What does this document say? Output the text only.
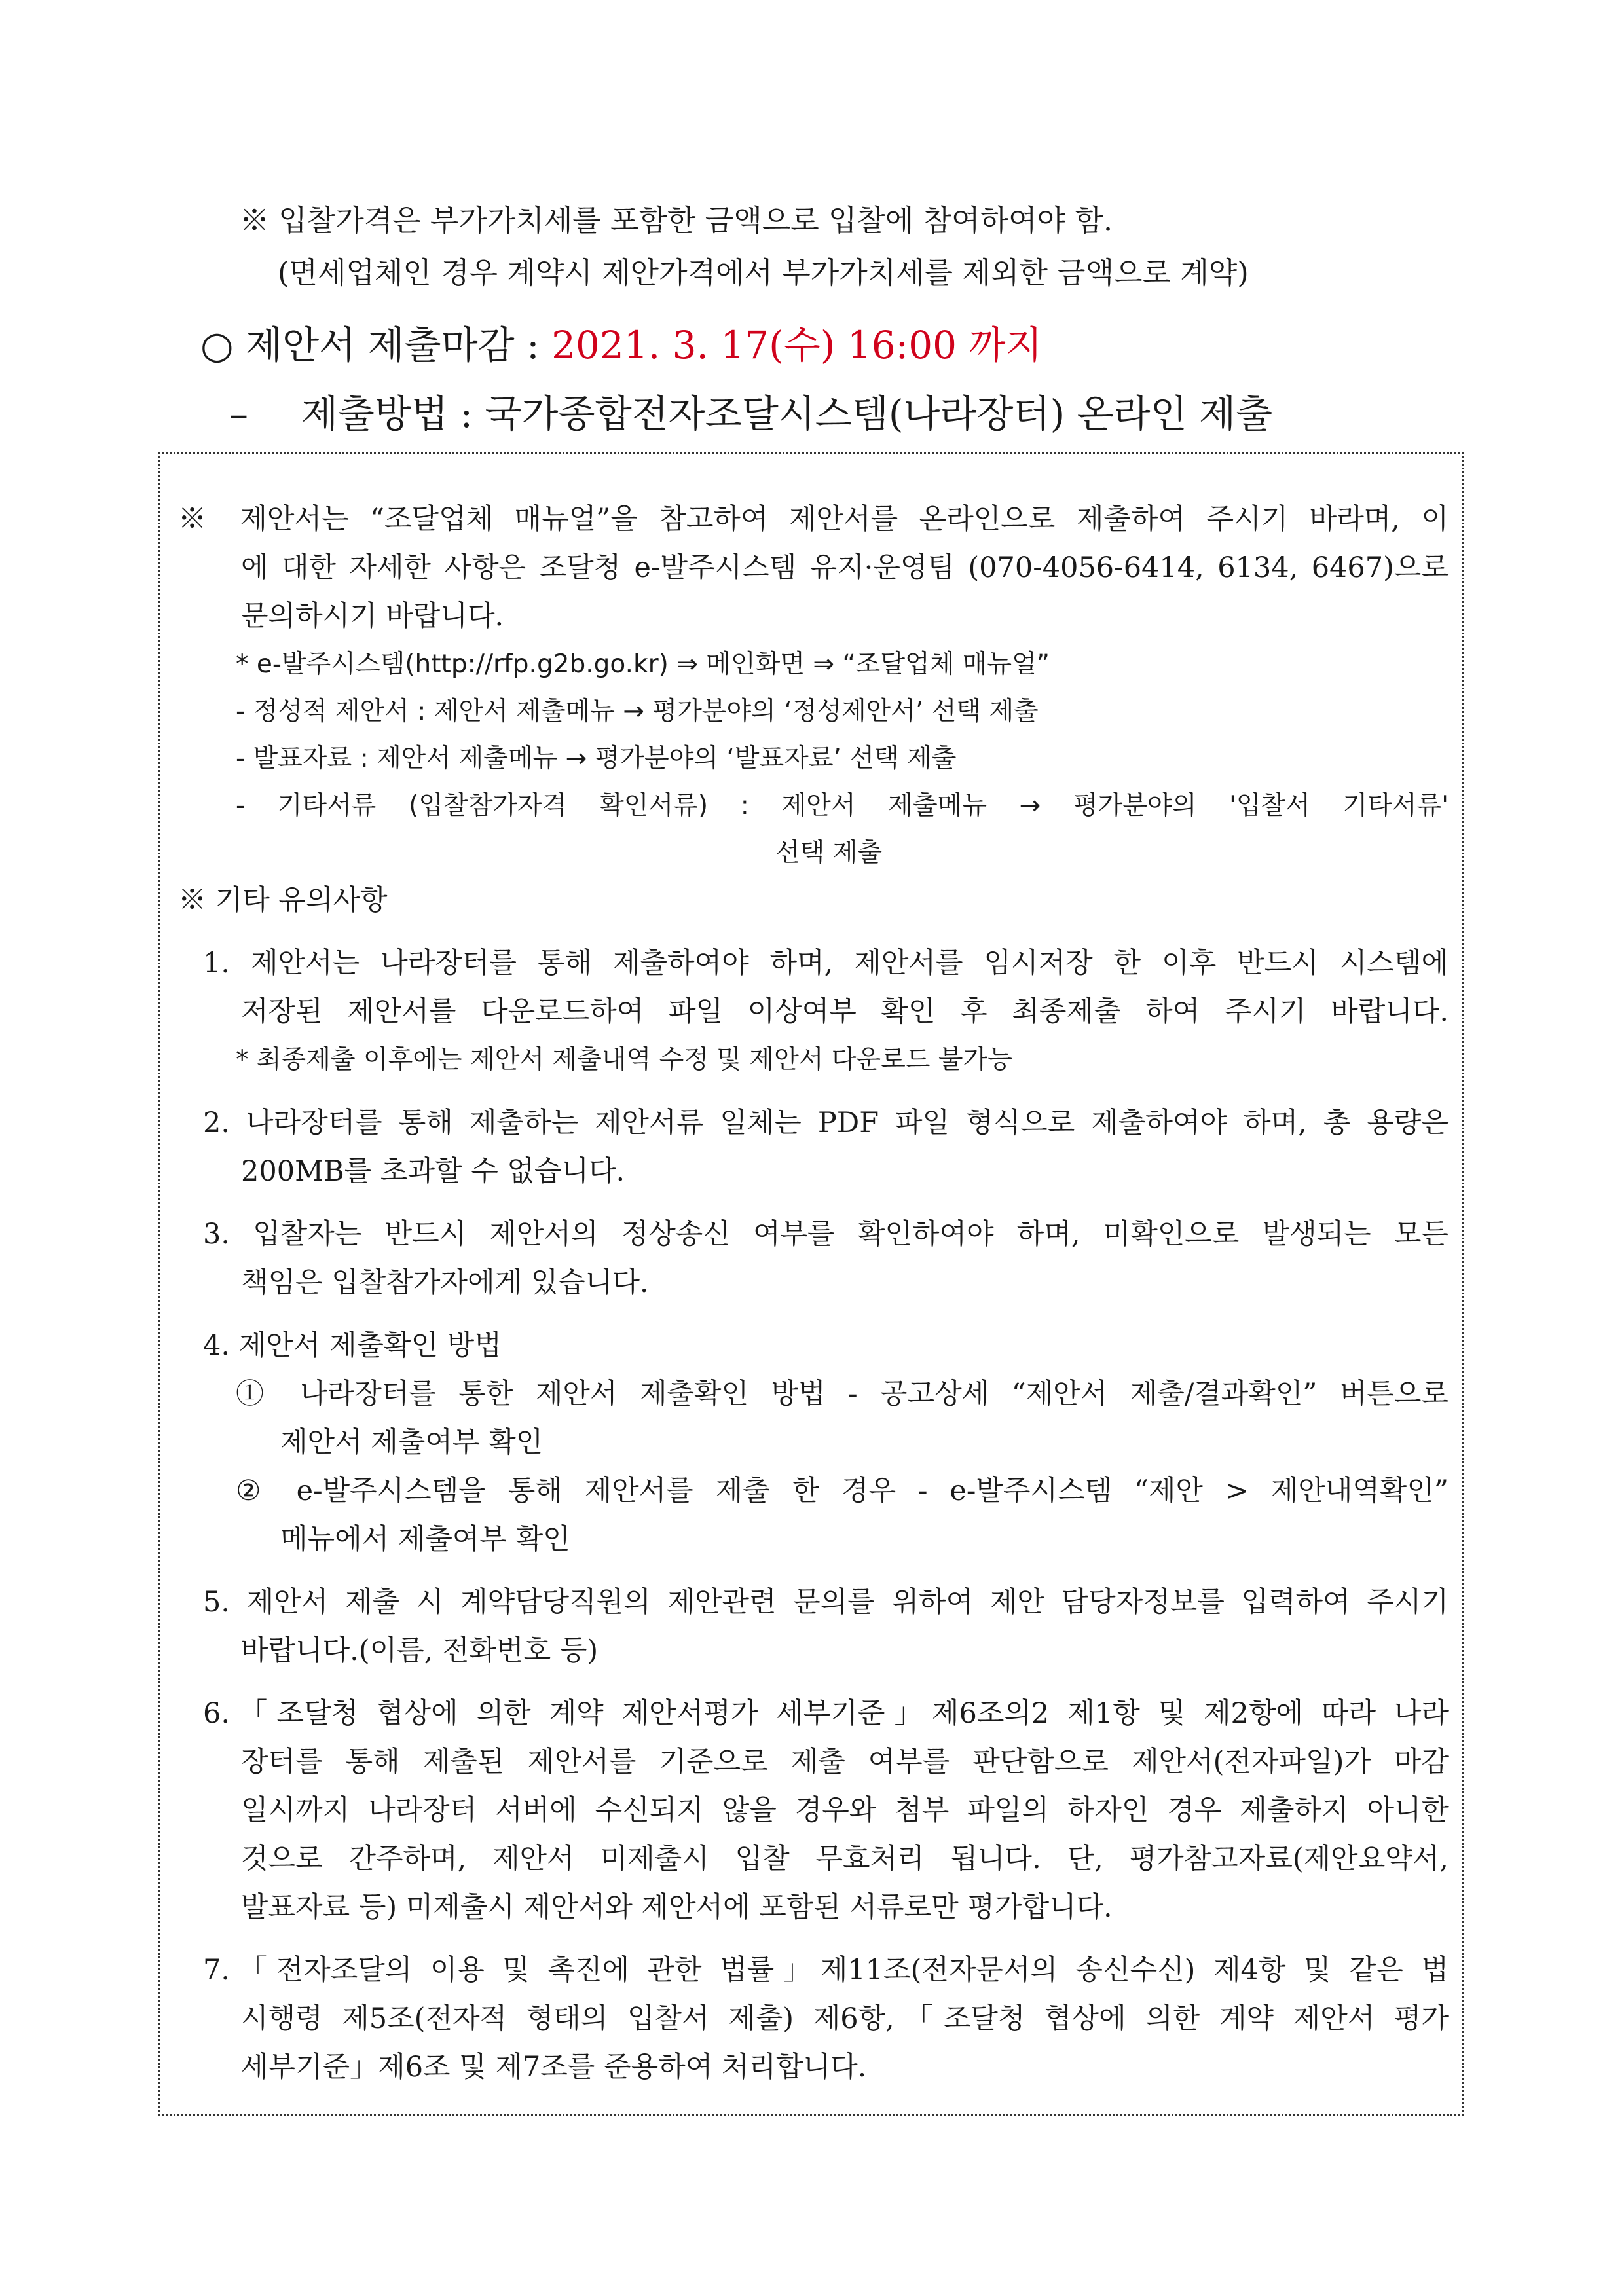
※ 입찰가격은 부가가치세를 포함한 금액으로 입찰에 참여하여야 함.
(면세업체인 경우 계약시 제안가격에서 부가가치세를 제외한 금액으로 계약)
○ 제안서 제출마감 : 2021. 3. 17(수) 16:00 까지
– 제출방법 : 국가종합전자조달시스템(나라장터) 온라인 제출
※ 제안서는 “조달업체 매뉴얼”을 참고하여 제안서를 온라인으로 제출하여 주시기 바라며, 이
에 대한 자세한 사항은 조달청 e-발주시스템 유지·운영팀 (070-4056-6414, 6134, 6467)으로
문의하시기 바랍니다.
* e-발주시스템(http://rfp.g2b.go.kr) ⇒ 메인화면 ⇒ “조달업체 매뉴얼”
- 정성적 제안서 : 제안서 제출메뉴 → 평가분야의 ‘정성제안서’ 선택 제출
- 발표자료 : 제안서 제출메뉴 → 평가분야의 ‘발표자료’ 선택 제출
- 기타서류 (입찰참가자격 확인서류) : 제안서 제출메뉴 → 평가분야의 '입찰서 기타서류'
선택 제출
※ 기타 유의사항
1. 제안서는 나라장터를 통해 제출하여야 하며, 제안서를 임시저장 한 이후 반드시 시스템에
저장된 제안서를 다운로드하여 파일 이상여부 확인 후 최종제출 하여 주시기 바랍니다.
* 최종제출 이후에는 제안서 제출내역 수정 및 제안서 다운로드 불가능
2. 나라장터를 통해 제출하는 제안서류 일체는 PDF 파일 형식으로 제출하여야 하며, 총 용량은
200MB를 초과할 수 없습니다.
3. 입찰자는 반드시 제안서의 정상송신 여부를 확인하여야 하며, 미확인으로 발생되는 모든
책임은 입찰참가자에게 있습니다.
4. 제안서 제출확인 방법
① 나라장터를 통한 제안서 제출확인 방법 - 공고상세 “제안서 제출/결과확인” 버튼으로
제안서 제출여부 확인
② e-발주시스템을 통해 제안서를 제출 한 경우 - e-발주시스템 “제안 > 제안내역확인”
메뉴에서 제출여부 확인
5. 제안서 제출 시 계약담당직원의 제안관련 문의를 위하여 제안 담당자정보를 입력하여 주시기
바랍니다.(이름, 전화번호 등)
6.「조달청 협상에 의한 계약 제안서평가 세부기준」제6조의2 제1항 및 제2항에 따라 나라
장터를 통해 제출된 제안서를 기준으로 제출 여부를 판단함으로 제안서(전자파일)가 마감
일시까지 나라장터 서버에 수신되지 않을 경우와 첨부 파일의 하자인 경우 제출하지 아니한
것으로 간주하며, 제안서 미제출시 입찰 무효처리 됩니다. 단, 평가참고자료(제안요약서,
발표자료 등) 미제출시 제안서와 제안서에 포함된 서류로만 평가합니다.
7.「전자조달의 이용 및 촉진에 관한 법률」제11조(전자문서의 송신수신) 제4항 및 같은 법
시행령 제5조(전자적 형태의 입찰서 제출) 제6항,「조달청 협상에 의한 계약 제안서 평가
세부기준」제6조 및 제7조를 준용하여 처리합니다.
